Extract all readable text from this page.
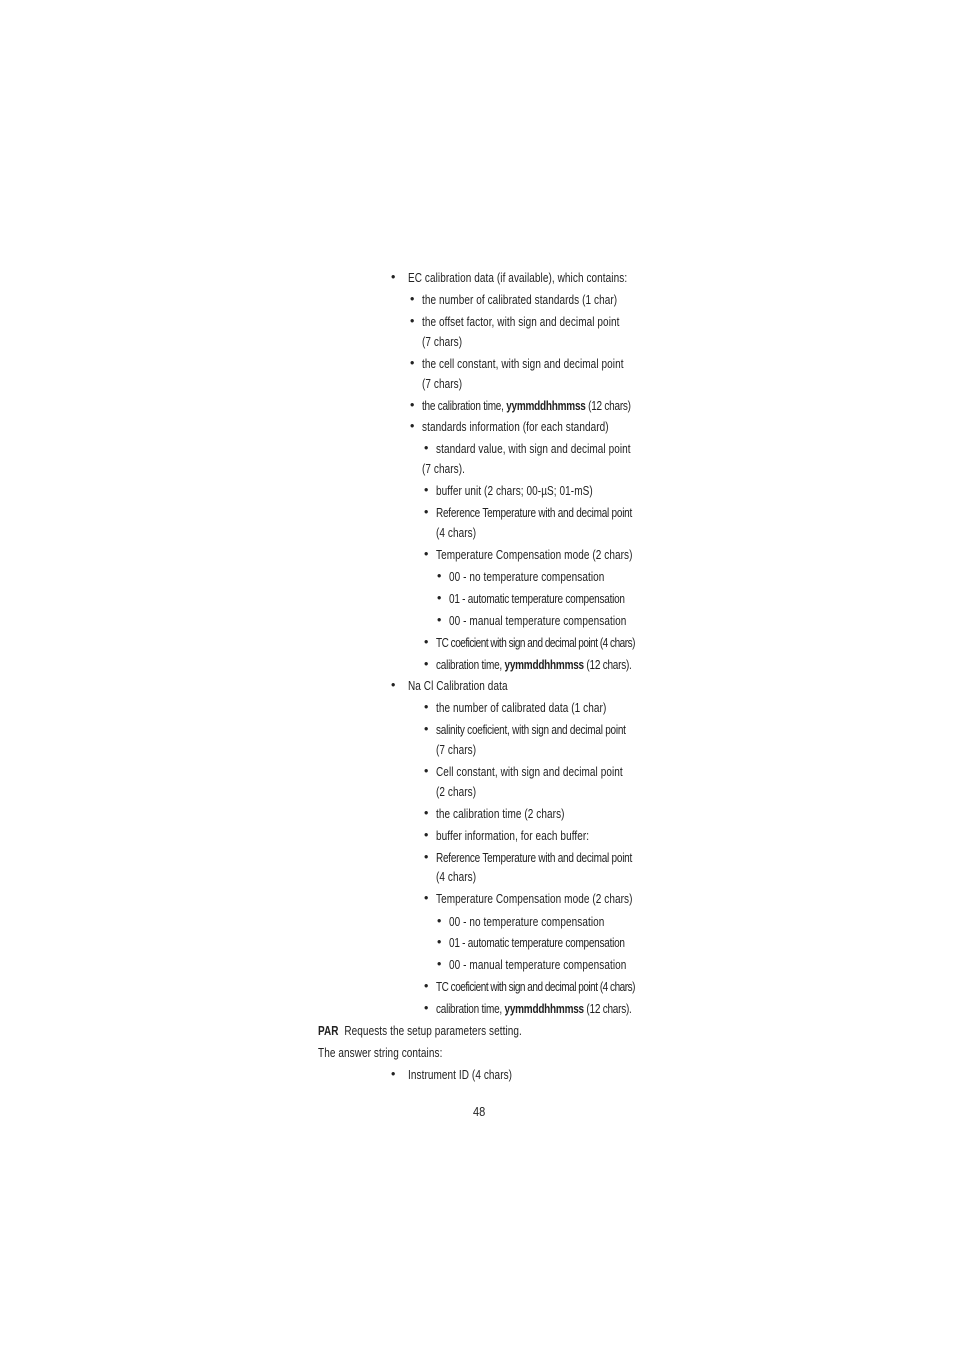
• EC calibration data (if available), which contains:
• the number of calibrated standards (1 char)
• the offset factor, with sign and decimal point
(7 chars)
• the cell constant, with sign and decimal point
(7 chars)
• the calibration time, yymmddhhmmss (12 chars)
• standards information (for each standard)
• standard value, with sign and decimal point
(7 chars).
• buffer unit (2 chars; 00-µS; 01-mS)
• Reference Temperature with and decimal point
(4 chars)
• Temperature Compensation mode (2 chars)
• 00 - no temperature compensation
• 01 - automatic temperature compensation
• 00 - manual temperature compensation
• TC coeficient with sign and decimal point (4 chars)
• calibration time, yymmddhhmmss (12 chars).
• Na Cl Calibration data
• the number of calibrated data (1 char)
• salinity coeficient, with sign and decimal point
(7 chars)
• Cell constant, with sign and decimal point
(2 chars)
• the calibration time (2 chars)
• buffer information, for each buffer:
• Reference Temperature with and decimal point
(4 chars)
• Temperature Compensation mode (2 chars)
• 00 - no temperature compensation
• 01 - automatic temperature compensation
• 00 - manual temperature compensation
• TC coeficient with sign and decimal point (4 chars)
• calibration time, yymmddhhmmss (12 chars).
PAR Requests the setup parameters setting.
The answer string contains:
• Instrument ID (4 chars)
48
